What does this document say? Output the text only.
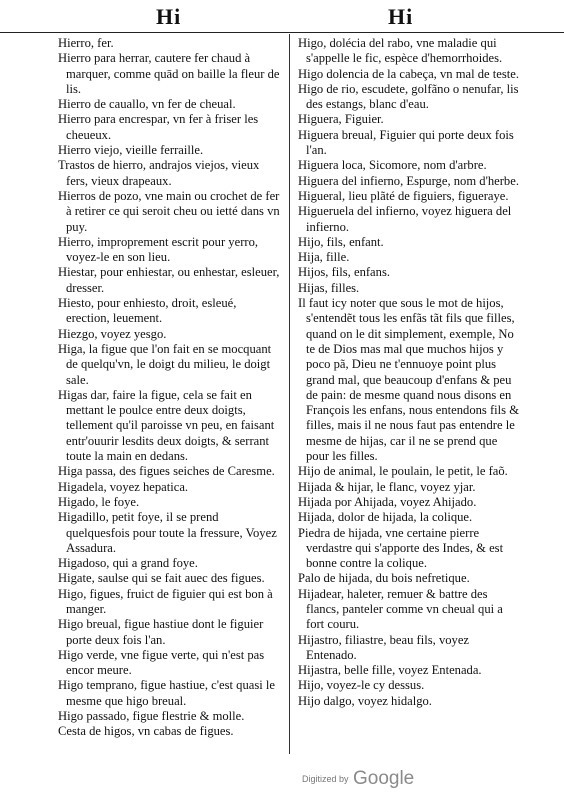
Hi	Hi
Hierro, fer.
Hierro para herrar, cautere fer chaud à marquer, comme quād on baille la fleur de lis.
Hierro de cauallo, vn fer de cheual.
Hierro para encrespar, vn fer à friser les cheueux.
Hierro viejo, vieille ferraille.
Trastos de hierro, andrajos viejos, vieux fers, vieux drapeaux.
Hierros de pozo, vne main ou crochet de fer à retirer ce qui seroit cheu ou ietté dans vn puy.
Hierro, improprement escrit pour yerro, voyez-le en son lieu.
Hiestar, pour enhiestar, ou enhestar, esleuer, dresser.
Hiesto, pour enhiesto, droit, esleué, erection, leuement.
Hiezgo, voyez yesgo.
Higa, la figue que l'on fait en se mocquant de quelqu'vn, le doigt du milieu, le doigt sale.
Higas dar, faire la figue, cela se fait en mettant le poulce entre deux doigts, tellement qu'il paroisse vn peu, en faisant entr'ouurir lesdits deux doigts, & serrant toute la main en dedans.
Higa passa, des figues seiches de Caresme.
Higadela, voyez hepatica.
Higado, le foye.
Higadillo, petit foye, il se prend quelquesfois pour toute la fressure, Voyez Assadura.
Higadoso, qui a grand foye.
Higate, saulse qui se fait auec des figues.
Higo, figues, fruict de figuier qui est bon à manger.
Higo breual, figue hastiue dont le figuier porte deux fois l'an.
Higo verde, vne figue verte, qui n'est pas encor meure.
Higo temprano, figue hastiue, c'est quasi le mesme que higo breual.
Higo passado, figue flestrie & molle.
Cesta de higos, vn cabas de figues.
Higo, dolécia del rabo, vne maladie qui s'appelle le fic, espèce d'hemorrhoides.
Higo dolencia de la cabeça, vn mal de teste.
Higo de rio, escudete, golfãno o nenufar, lis des estangs, blanc d'eau.
Higuera, Figuier.
Higuera breual, Figuier qui porte deux fois l'an.
Higuera loca, Sicomore, nom d'arbre.
Higuera del infierno, Espurge, nom d'herbe.
Higueral, lieu plãté de figuiers, figueraye.
Higueruela del infierno, voyez higuera del infierno.
Hijo, fils, enfant.
Hija, fille.
Hijos, fils, enfans.
Hijas, filles.
Il faut icy noter que sous le mot de hijos, s'entendẽt tous les enfãs tãt fils que filles, quand on le dit simplement, exemple, No te de Dios mas mal que muchos hijos y poco pã, Dieu ne t'ennuoye point plus grand mal, que beaucoup d'enfans & peu de pain: de mesme quand nous disons en François les enfans, nous entendons fils & filles, mais il ne nous faut pas entendre le mesme de hijas, car il ne se prend que pour les filles.
Hijo de animal, le poulain, le petit, le faõ.
Hijada & hijar, le flanc, voyez yjar.
Hijada por Ahijada, voyez Ahijado.
Hijada, dolor de hijada, la colique.
Piedra de hijada, vne certaine pierre verdastre qui s'apporte des Indes, & est bonne contre la colique.
Palo de hijada, du bois nefretique.
Hijadear, haleter, remuer & battre des flancs, panteler comme vn cheual qui a fort couru.
Hijastro, filiastre, beau fils, voyez Entenado.
Hijastra, belle fille, voyez Entenada.
Hijo, voyez-le cy dessus.
Hijo dalgo, voyez hidalgo.
Digitized by Google
